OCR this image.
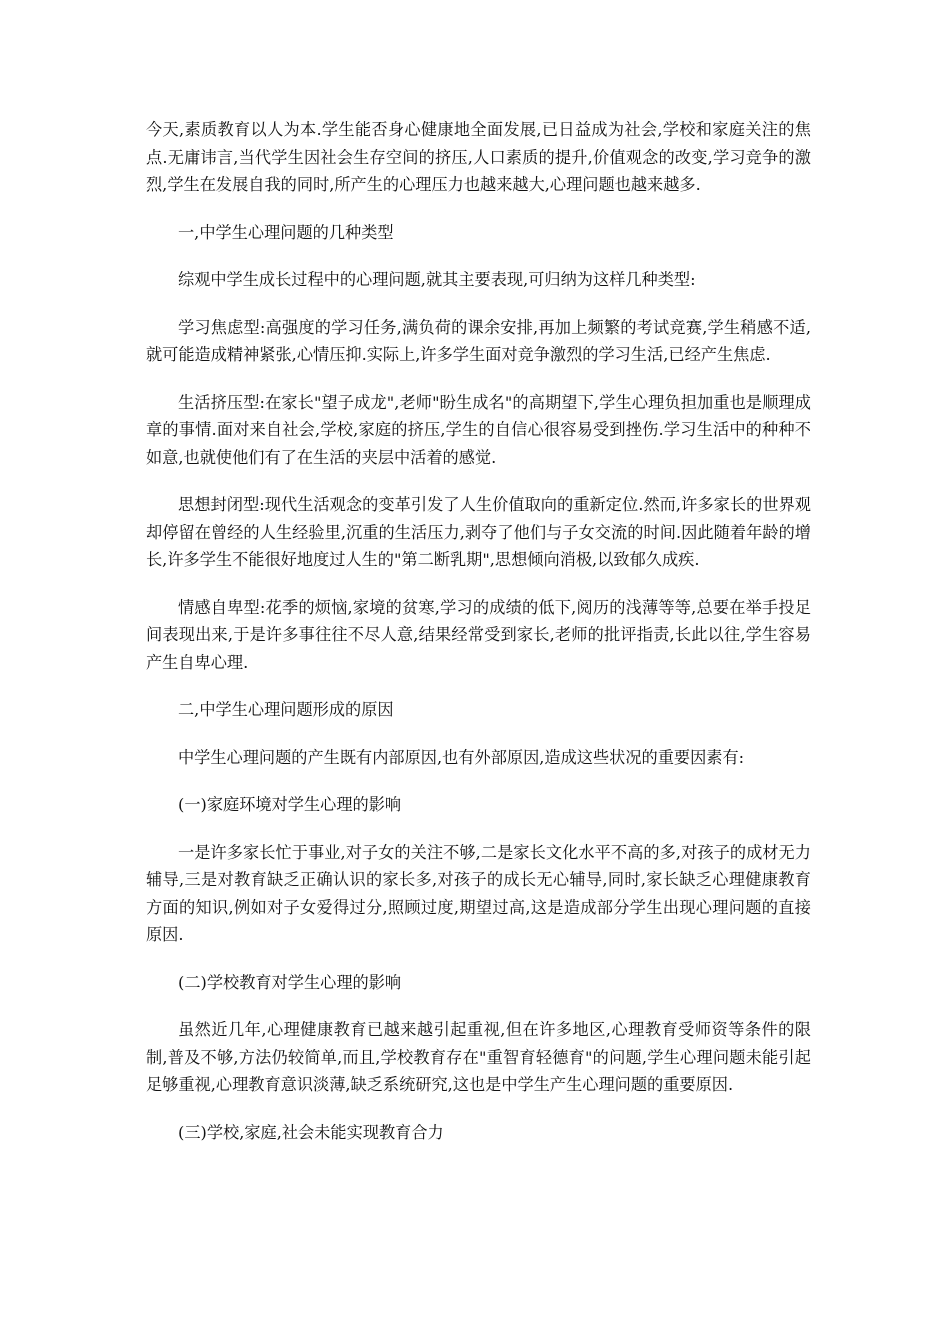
今天,素质教育以人为本.学生能否身心健康地全面发展,已日益成为社会,学校和家庭关注的焦点.无庸讳言,当代学生因社会生存空间的挤压,人口素质的提升,价值观念的改变,学习竞争的激烈,学生在发展自我的同时,所产生的心理压力也越来越大,心理问题也越来越多.

一,中学生心理问题的几种类型

综观中学生成长过程中的心理问题,就其主要表现,可归纳为这样几种类型:

学习焦虑型:高强度的学习任务,满负荷的课余安排,再加上频繁的考试竞赛,学生稍感不适,就可能造成精神紧张,心情压抑.实际上,许多学生面对竞争激烈的学习生活,已经产生焦虑.

生活挤压型:在家长"望子成龙",老师"盼生成名"的高期望下,学生心理负担加重也是顺理成章的事情.面对来自社会,学校,家庭的挤压,学生的自信心很容易受到挫伤.学习生活中的种种不如意,也就使他们有了在生活的夹层中活着的感觉.

思想封闭型:现代生活观念的变革引发了人生价值取向的重新定位.然而,许多家长的世界观却停留在曾经的人生经验里,沉重的生活压力,剥夺了他们与子女交流的时间.因此随着年龄的增长,许多学生不能很好地度过人生的"第二断乳期",思想倾向消极,以致郁久成疾.

情感自卑型:花季的烦恼,家境的贫寒,学习的成绩的低下,阅历的浅薄等等,总要在举手投足间表现出来,于是许多事往往不尽人意,结果经常受到家长,老师的批评指责,长此以往,学生容易产生自卑心理.

二,中学生心理问题形成的原因

中学生心理问题的产生既有内部原因,也有外部原因,造成这些状况的重要因素有:

(一)家庭环境对学生心理的影响

一是许多家长忙于事业,对子女的关注不够,二是家长文化水平不高的多,对孩子的成材无力辅导,三是对教育缺乏正确认识的家长多,对孩子的成长无心辅导,同时,家长缺乏心理健康教育方面的知识,例如对子女爱得过分,照顾过度,期望过高,这是造成部分学生出现心理问题的直接原因.

(二)学校教育对学生心理的影响

虽然近几年,心理健康教育已越来越引起重视,但在许多地区,心理教育受师资等条件的限制,普及不够,方法仍较简单,而且,学校教育存在"重智育轻德育"的问题,学生心理问题未能引起足够重视,心理教育意识淡薄,缺乏系统研究,这也是中学生产生心理问题的重要原因.

(三)学校,家庭,社会未能实现教育合力
